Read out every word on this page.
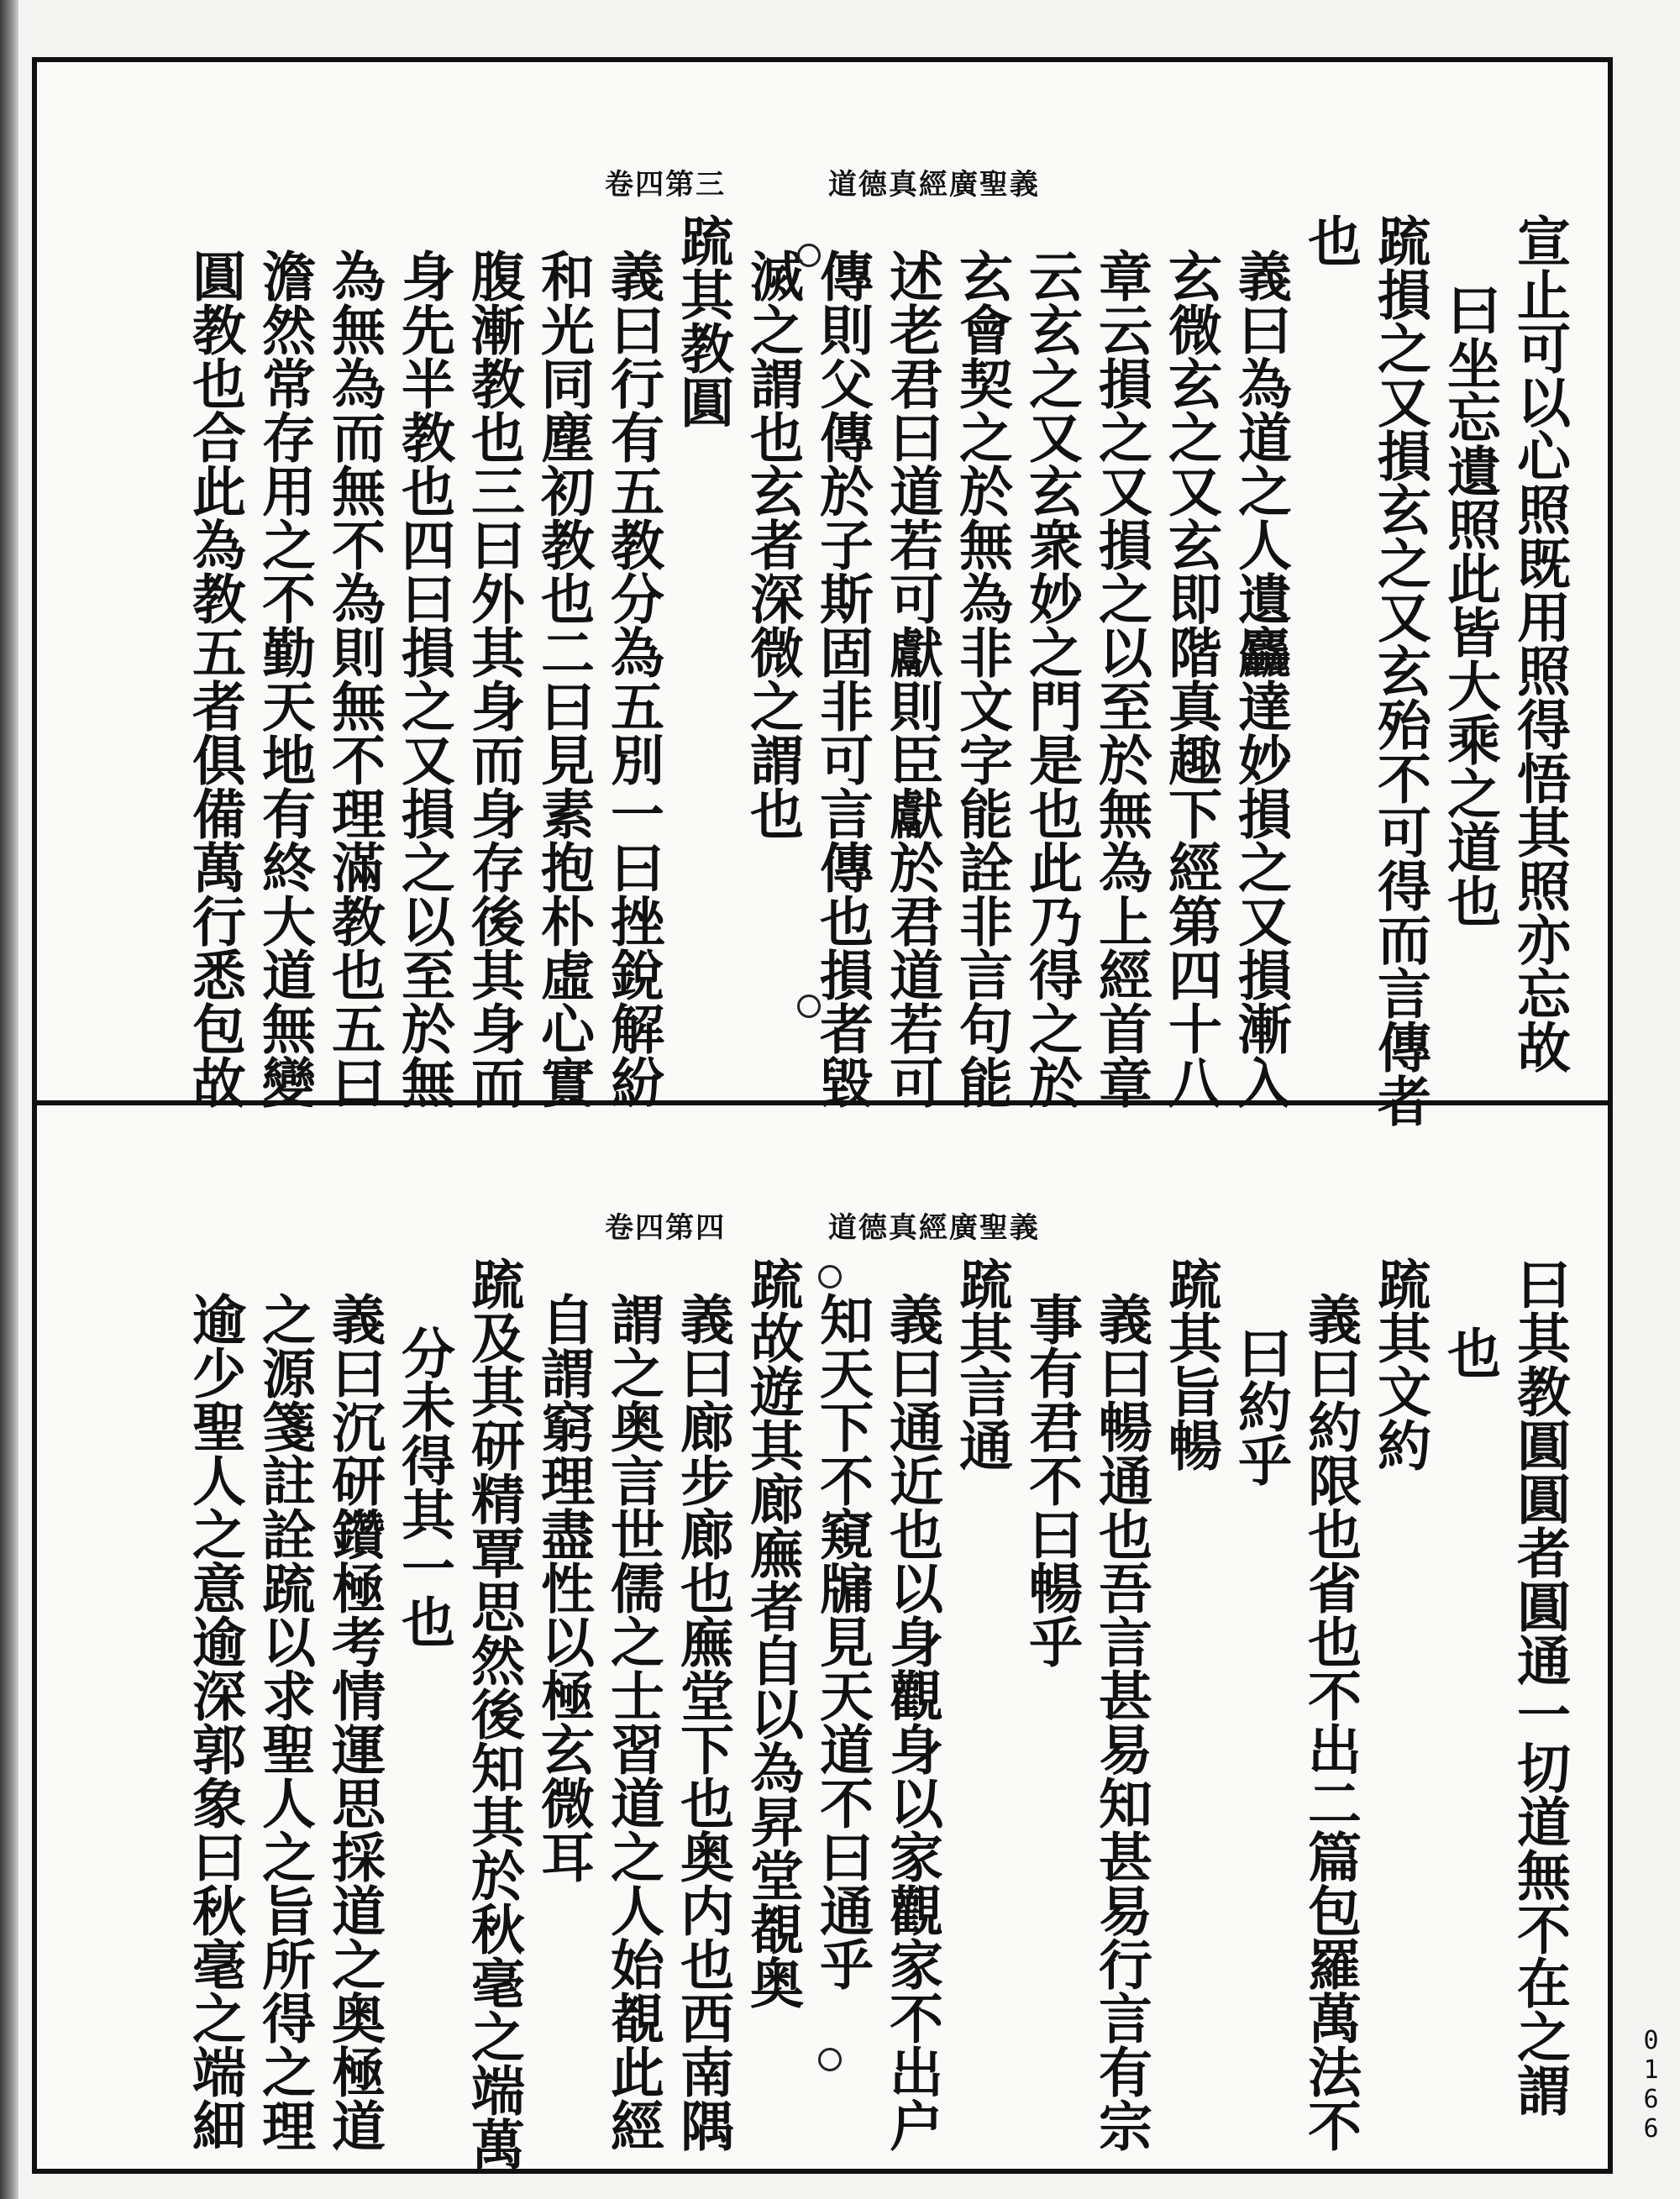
卷四第三	道德真經廣聖義
宣止可以心照既用照得悟其照亦忘故
曰坐忘遺照此皆大乘之道也
䟽損之又損玄之又玄殆不可得而言傳者
也
義曰為道之人遺麤達妙損之又損漸入
玄微玄之又玄即階真趣下經第四十八
章云損之又損之以至於無為上經首章
云玄之又玄衆妙之門是也此乃得之於
玄會契之於無為非文字能詮非言句能
述老君曰道若可獻則臣獻於君道若可
傳則父傳於子斯固非可言傳也損者毀
滅之謂也玄者深微之謂也
䟽其教圓
義曰行有五教分為五別一曰挫銳解紛
和光同塵初教也二曰見素抱朴虛心實
腹漸教也三曰外其身而身存後其身而
身先半教也四曰損之又損之以至於無
為無為而無不為則無不理滿教也五曰
澹然常存用之不勤天地有終大道無變
圓教也合此為教五者俱備萬行悉包故
卷四第四	道德真經廣聖義
曰其教圓圓者圓通一切道無不在之謂
也
䟽其文約
義曰約限也省也不出二篇包羅萬法不
曰約乎
䟽其旨暢
義曰暢通也吾言甚易知甚易行言有宗
事有君不曰暢乎
䟽其言通
義曰通近也以身觀身以家觀家不出户
知天下不窺牖見天道不曰通乎
䟽故遊其廊廡者自以為昇堂覩奥
義曰廊步廊也廡堂下也奥内也西南隅
謂之奥言世儒之士習道之人始覩此經
自謂窮理盡性以極玄微耳
䟽及其研精覃思然後知其於秋毫之端萬
分未得其一也
義曰沉研鑽極考情運思採道之奥極道
之源箋註詮䟽以求聖人之旨所得之理
逾少聖人之意逾深郭象曰秋毫之端細	0166
